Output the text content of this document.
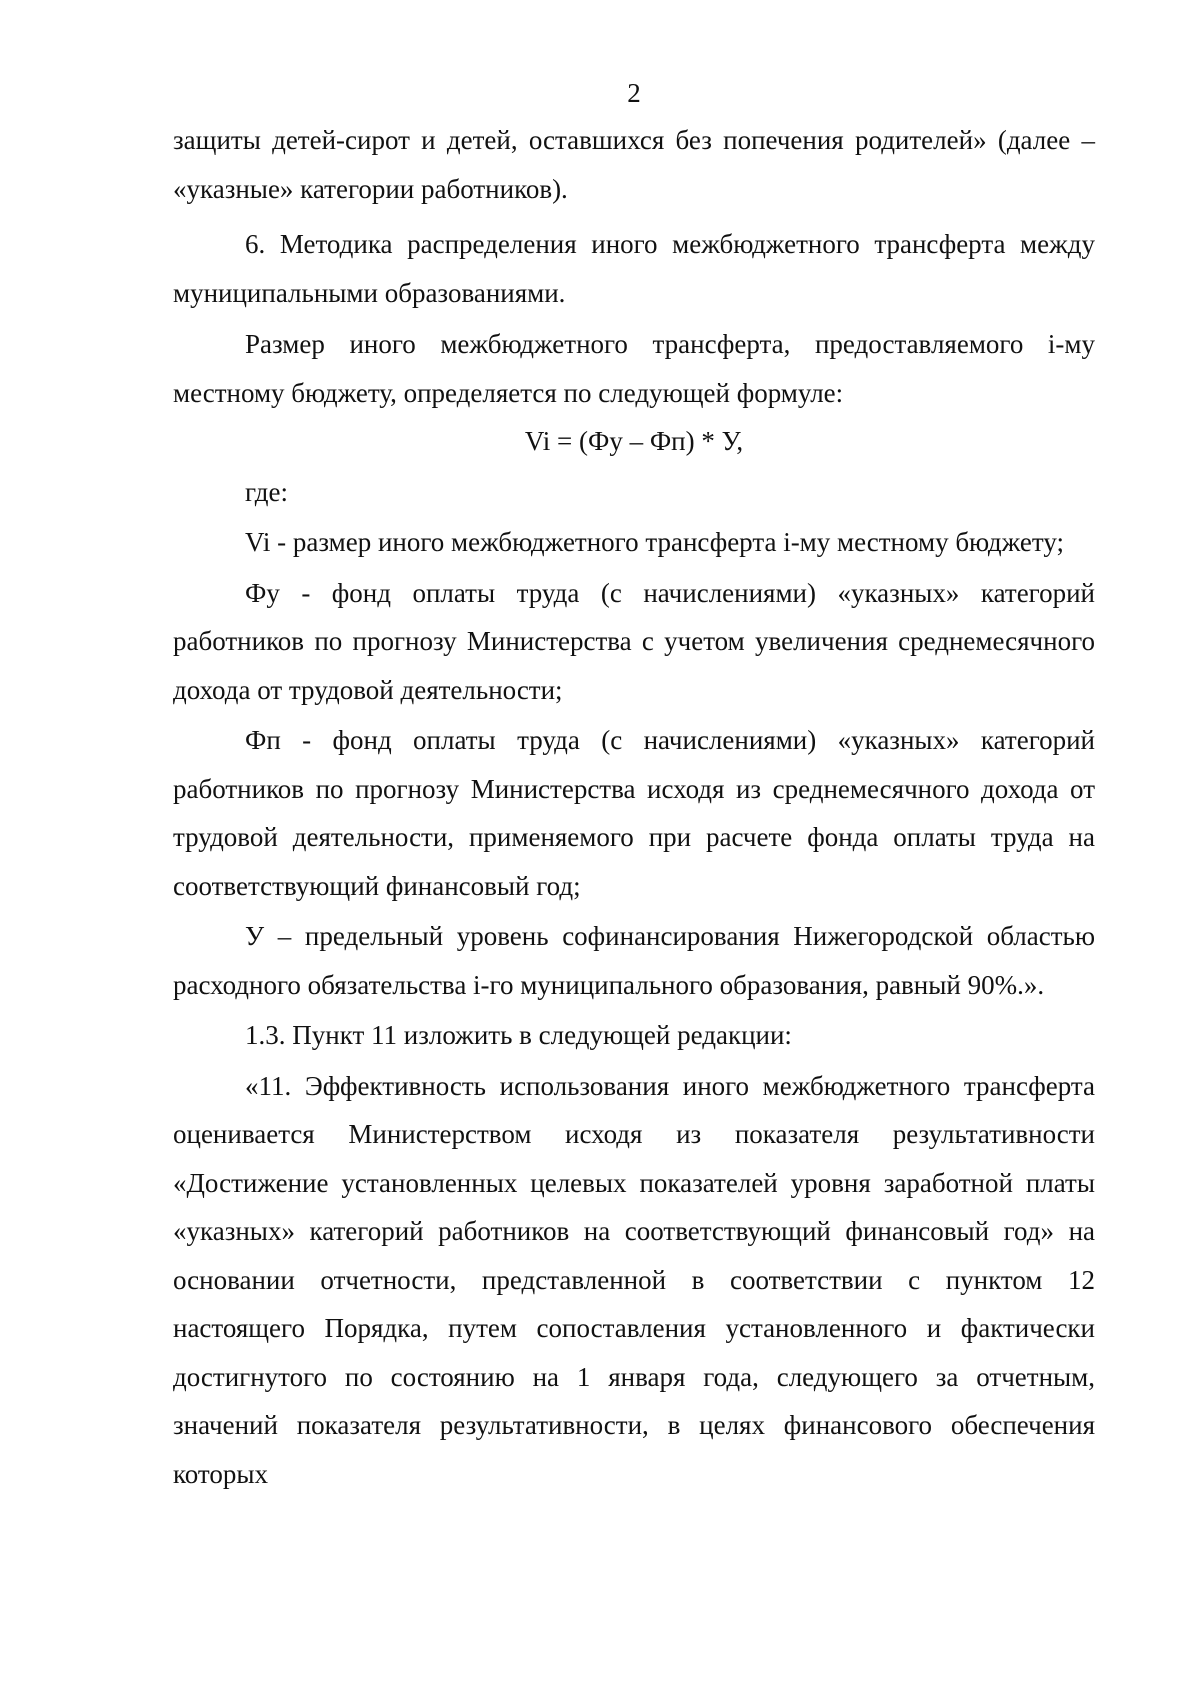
2

защиты детей-сирот и детей, оставшихся без попечения родителей» (далее – «указные» категории работников).

6. Методика распределения иного межбюджетного трансферта между муниципальными образованиями.

Размер иного межбюджетного трансферта, предоставляемого i-му местному бюджету, определяется по следующей формуле:

Vi = (Фу – Фп) * У,

где:

Vi - размер иного межбюджетного трансферта i-му местному бюджету;

Фу - фонд оплаты труда (с начислениями) «указных» категорий работников по прогнозу Министерства с учетом увеличения среднемесячного дохода от трудовой деятельности;

Фп - фонд оплаты труда (с начислениями) «указных» категорий работников по прогнозу Министерства исходя из среднемесячного дохода от трудовой деятельности, применяемого при расчете фонда оплаты труда на соответствующий финансовый год;

У – предельный уровень софинансирования Нижегородской областью расходного обязательства i-го муниципального образования, равный 90%.».

1.3. Пункт 11 изложить в следующей редакции:

«11. Эффективность использования иного межбюджетного трансферта оценивается Министерством исходя из показателя результативности «Достижение установленных целевых показателей уровня заработной платы «указных» категорий работников на соответствующий финансовый год» на основании отчетности, представленной в соответствии с пунктом 12 настоящего Порядка, путем сопоставления установленного и фактически достигнутого по состоянию на 1 января года, следующего за отчетным, значений показателя результативности, в целях финансового обеспечения которых
